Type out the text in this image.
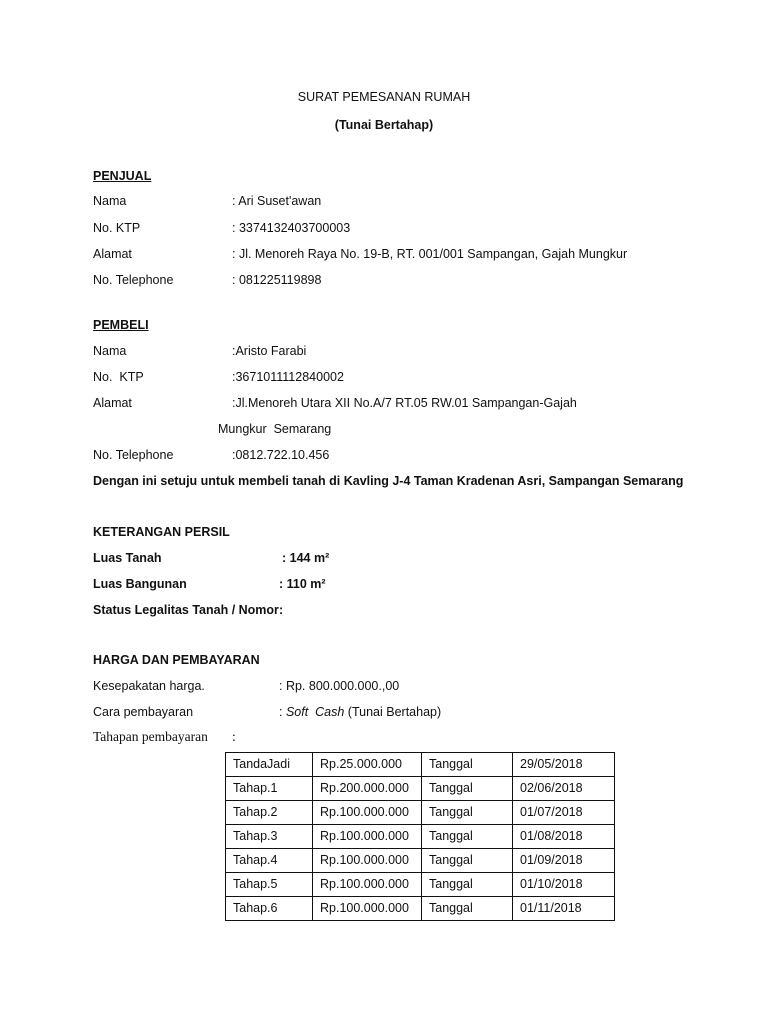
SURAT PEMESANAN RUMAH
(Tunai Bertahap)
PENJUAL
Nama	: Ari Suset'awan
No. KTP	: 3374132403700003
Alamat	: Jl. Menoreh Raya No. 19-B, RT. 001/001 Sampangan, Gajah Mungkur
No. Telephone	: 081225119898
PEMBELI
Nama	:Aristo Farabi
No.  KTP	:3671011112840002
Alamat	:Jl.Menoreh Utara XII No.A/7 RT.05 RW.01 Sampangan-Gajah
Mungkur  Semarang
No. Telephone	:0812.722.10.456
Dengan ini setuju untuk membeli tanah di Kavling J-4 Taman Kradenan Asri, Sampangan Semarang
KETERANGAN PERSIL
Luas Tanah	: 144 m²
Luas Bangunan	: 110 m²
Status Legalitas Tanah / Nomor :
HARGA DAN PEMBAYARAN
Kesepakatan harga.	: Rp. 800.000.000.,00
Cara pembayaran	: Soft  Cash (Tunai Bertahap)
Tahapan pembayaran :
TandaJadi	Rp.25.000.000	Tanggal	29/05/2018
Tahap.1	Rp.200.000.000	Tanggal	02/06/2018
Tahap.2	Rp.100.000.000	Tanggal	01/07/2018
Tahap.3	Rp.100.000.000	Tanggal	01/08/2018
Tahap.4	Rp.100.000.000	Tanggal	01/09/2018
Tahap.5	Rp.100.000.000	Tanggal	01/10/2018
Tahap.6	Rp.100.000.000	Tanggal	01/11/2018
